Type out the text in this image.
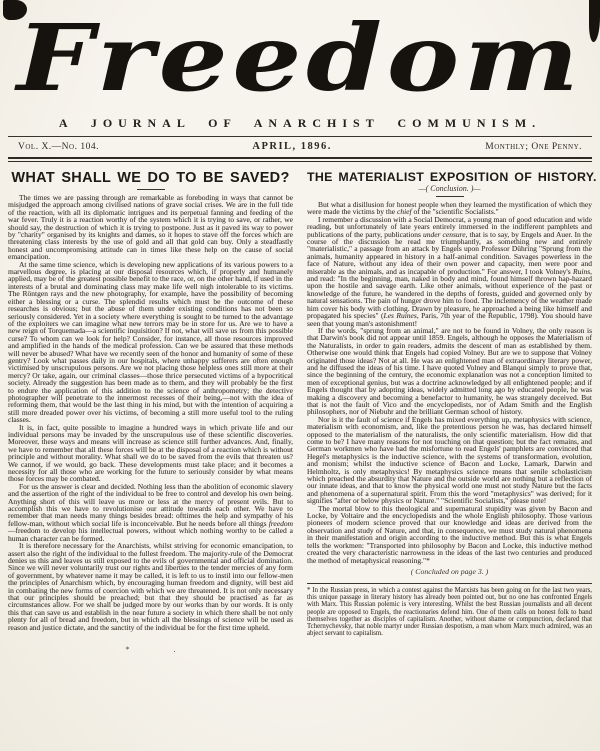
Freedom
A JOURNAL OF ANARCHIST COMMUNISM.
Vol. X.—No. 104.	APRIL, 1896.	Monthly; One Penny.
WHAT SHALL WE DO TO BE SAVED?

The times we are passing through are remarkable as foreboding in ways that cannot be misjudged the approach among civilised nations of grave social crises. We are in the full tide of the reaction, with all its diplomatic intrigues and its perpetual fanning and feeding of the war fever. Truly it is a reaction worthy of the system which it is trying to save, or rather, we should say, the destruction of which it is trying to postpone. Just as it paved its way to power by "charity" organised by its knights and dames, so it hopes to stave off the forces which are threatening class interests by the use of gold and all that gold can buy. Only a steadfastly honest and uncompromising attitude can in times like these help on the cause of social emancipation.

At the same time science, which is developing new applications of its various powers to a marvellous degree, is placing at our disposal resources which, if properly and humanely applied, may be of the greatest possible benefit to the race, or, on the other hand, if used in the interests of a brutal and dominating class may make life well nigh intolerable to its victims. The Röntgen rays and the new photography, for example, have the possibility of becoming either a blessing or a curse. The splendid results which must be the outcome of these researches is obvious; but the abuse of them under existing conditions has not been so seriously considered. Yet in a society where everything is sought to be turned to the advantage of the exploiters we can imagine what new terrors may be in store for us. Are we to have a new reign of Torquemada—a scientific inquisition? If not, what will save us from this possible curse? To whom can we look for help? Consider, for instance, all those resources improved and amplified in the hands of the medical profession. Can we be assured that these methods will never be abused? What have we recently seen of the honor and humanity of some of these gentry? Look what passes daily in our hospitals, where unhappy sufferers are often enough victimised by unscrupulous persons. Are we not placing those helpless ones still more at their mercy? Or take, again, our criminal classes—those thrice persecuted victims of a hypocritical society. Already the suggestion has been made as to them, and they will probably be the first to endure the application of this addition to the science of anthropometry; the detective photographer will penetrate to the innermost recesses of their being,—not with the idea of reforming them, that would be the last thing in his mind, but with the intention of acquiring a still more dreaded power over his victims, of becoming a still more useful tool to the ruling classes.

It is, in fact, quite possible to imagine a hundred ways in which private life and our individual persons may be invaded by the unscrupulous use of these scientific discoveries. Moreover, these ways and means will increase as science still further advances. And, finally, we have to remember that all these forces will be at the disposal of a reaction which is without principle and without morality. What shall we do to be saved from the evils that threaten us? We cannot, if we would, go back. These developments must take place; and it becomes a necessity for all those who are working for the future to seriously consider by what means those forces may be combated.

For us the answer is clear and decided. Nothing less than the abolition of economic slavery and the assertion of the right of the individual to be free to control and develop his own being. Anything short of this will leave us more or less at the mercy of present evils. But to accomplish this we have to revolutionise our attitude towards each other. We have to remember that man needs many things besides bread: ofttimes the help and sympathy of his fellow-man, without which social life is inconceivable. But he needs before all things freedom—freedom to develop his intellectual powers, without which nothing worthy to be called a human character can be formed.

It is therefore necessary for the Anarchists, whilst striving for economic emancipation, to assert also the right of the individual to the fullest freedom. The majority-rule of the Democrat denies us this and leaves us still exposed to the evils of governmental and official domination. Since we will never voluntarily trust our rights and liberties to the tender mercies of any form of government, by whatever name it may be called, it is left to us to instil into our fellow-men the principles of Anarchism which, by encouraging human freedom and dignity, will best aid in combating the new forms of coercion with which we are threatened. It is not only necessary that our principles should be preached; but that they should be practised as far as circumstances allow. For we shall be judged more by our works than by our words. It is only this that can save us and establish in the near future a society in which there shall be not only plenty for all of bread and freedom, but in which all the blessings of science will be used as reason and justice dictate, and the sanctity of the individual be for the first time upheld.

*	.

THE MATERIALIST EXPOSITION OF HISTORY.
—( Conclusion. )—

But what a disillusion for honest people when they learned the mystification of which they were made the victims by the chief of the "scientific Socialists."

I remember a discussion with a Social Democrat, a young man of good education and wide reading, but unfortunately of late years entirely immersed in the indifferent pamphlets and publications of the party, publications under censure, that is to say, by Engels and Auer. In the course of the discussion he read me triumphantly, as something new and entirely "materialistic," a passage from an attack by Engels upon Professor Dühring "Sprung from the animals, humanity appeared in history in a half-animal condition. Savages powerless in the face of Nature, without any idea of their own power and capacity, men were poor and miserable as the animals, and as incapable of production." For answer, I took Volney's Ruins, and read: "In the beginning, man, naked in body and mind, found himself thrown hap-hazard upon the hostile and savage earth. Like other animals, without experience of the past or knowledge of the future, he wandered in the depths of forests, guided and governed only by natural sensations. The pain of hunger drove him to food. The inclemency of the weather made him cover his body with clothing. Drawn by pleasure, he approached a being like himself and propagated his species" (Les Ruines, Paris, 7th year of the Republic, 1798). You should have seen that young man's astonishment!

If the words, "sprung from an animal," are not to be found in Volney, the only reason is that Darwin's book did not appear until 1859. Engels, although he opposes the Materialism of the Naturalists, in order to gain readers, admits the descent of man as established by them. Otherwise one would think that Engels had copied Volney. But are we to suppose that Volney originated those ideas? Not at all. He was an enlightened man of extraordinary literary power, and he diffused the ideas of his time. I have quoted Volney and Blanqui simply to prove that, since the beginning of the century, the economic explanation was not a conception limited to men of exceptional genius, but was a doctrine acknowledged by all enlightened people; and if Engels thought that by adopting ideas, widely admitted long ago by educated people, he was making a discovery and becoming a benefactor to humanity, he was strangely deceived. But that is not the fault of Vico and the encyclopedists, nor of Adam Smith and the English philosophers, nor of Niebuhr and the brilliant German school of history.

Nor is it the fault of science if Engels has mixed everything up, metaphysics with science, materialism with economism, and, like the pretentious person he was, has declared himself opposed to the materialism of the naturalists, the only scientific materialism. How did that come to be? I have many reasons for not touching on that question; but the fact remains, and German workmen who have had the misfortune to read Engels' pamphlets are convinced that Hegel's metaphysics is the inductive science, with the systems of transformation, evolution, and monism; whilst the inductive science of Bacon and Locke, Lamark, Darwin and Helmholtz, is only metaphysics! By metaphysics science means that senile scholasticism which preached the absurdity that Nature and the outside world are nothing but a reflection of our innate ideas, and that to know the physical world one must not study Nature but the facts and phenomena of a supernatural spirit. From this the word "metaphysics" was derived; for it signifies "after or below physics or Nature." "Scientific Socialists," please note!

The mortal blow to this theological and supernatural stupidity was given by Bacon and Locke, by Voltaire and the encyclopedists and the whole English philosophy. Those various pioneers of modern science proved that our knowledge and ideas are derived from the observation and study of Nature, and that, in consequence, we must study natural phenomena in their manifestation and origin according to the inductive method. But this is what Engels tells the workmen: "Transported into philosophy by Bacon and Locke, this inductive method created the very characteristic narrowness in the ideas of the last two centuries and produced the method of metaphysical reasoning."*

( Concluded on page 3. )

* In the Russian press, in which a contest against the Marxists has been going on for the last two years, this unique passage in literary history has already been pointed out, but no one has confronted Engels with Marx. This Russian polemic is very interesting. Whilst the best Russian journalists and all decent people are opposed to Engels, the reactionaries defend him. One of them calls on honest folk to band themselves together as disciples of capitalism. Another, without shame or compunction, declared that Tchernychevsky, that noble martyr under Russian despotism, a man whom Marx much admired, was an abject servant to capitalism.
